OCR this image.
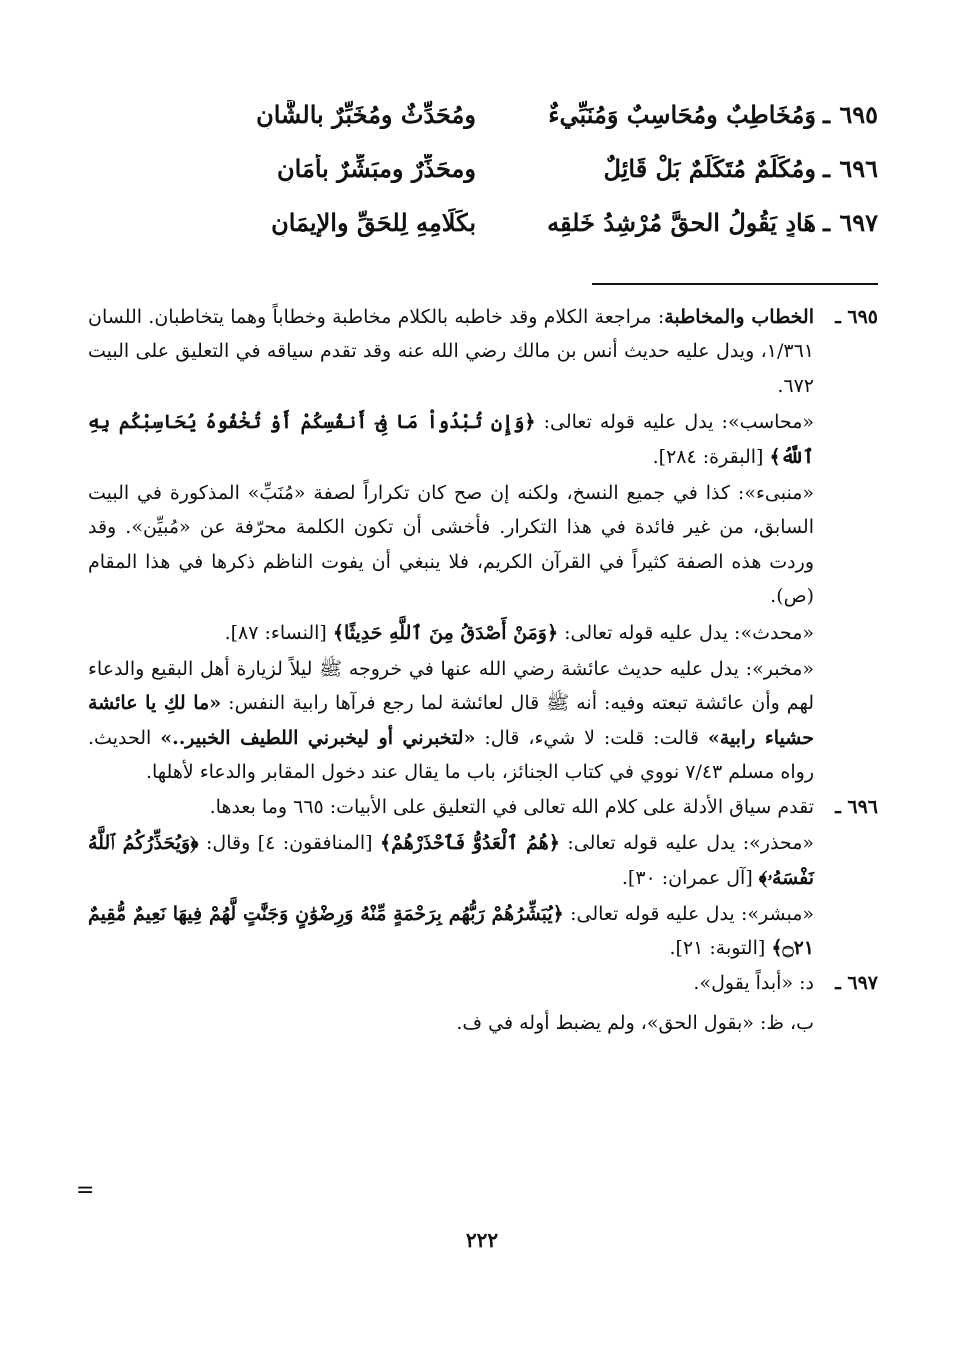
٦٩٥
ـ
وَمُخَاطِبٌ ومُحَاسِبٌ وَمُنَبِّيءٌ
ومُحَدِّثٌ ومُخَبِّرٌ بالشَّانِ
٦٩٦
ـ
ومُكَلِّمٌ مُتَكَلِّمٌ بَلْ قَائِلٌ
ومحَذِّرٌ ومبَشِّرٌ بأَمَانِ
٦٩٧
ـ
هَادٍ يَقُولُ الحقَّ مُرْشِدُ خَلقِه
بكَلَامِهِ لِلحَقِّ والإِيمَانِ
٦٩٥ ـ

الخطاب والمخاطبة: مراجعة الكلام وقد خاطبه بالكلام مخاطبة وخطاباً وهما يتخاطبان. اللسان ١/٣٦١، ويدل عليه حديث أنس بن مالك رضي الله عنه وقد تقدم سياقه في التعليق على البيت ٦٧٢.

«محاسب»: يدل عليه قوله تعالى: ﴿وَإِن تُبْدُواْ مَا فِىٓ أَنفُسِكُمْ أَوْ تُخْفُوهُ يُحَاسِبْكُم بِهِ ٱللَّهُ﴾ [البقرة: ٢٨٤].

«منبىء»: كذا في جميع النسخ، ولكنه إن صح كان تكراراً لصفة «مُنَبِّ» المذكورة في البيت السابق، من غير فائدة في هذا التكرار. فأخشى أن تكون الكلمة محرّفة عن «مُبيِّن». وقد وردت هذه الصفة كثيراً في القرآن الكريم، فلا ينبغي أن يفوت الناظم ذكرها في هذا المقام (ص).

«محدث»: يدل عليه قوله تعالى: ﴿وَمَنْ أَصْدَقُ مِنَ ٱللَّهِ حَدِيثًا﴾ [النساء: ٨٧].

«مخبر»: يدل عليه حديث عائشة رضي الله عنها في خروجه ﷺ ليلاً لزيارة أهل البقيع والدعاء لهم وأن عائشة تبعته وفيه: أنه ﷺ قال لعائشة لما رجع فرآها رابية النفس: «ما لكِ يا عائشة حشياء رابية» قالت: قلت: لا شيء، قال: «لتخبرني أو ليخبرني اللطيف الخبير..» الحديث. رواه مسلم ٧/٤٣ نووي في كتاب الجنائز، باب ما يقال عند دخول المقابر والدعاء لأهلها.

٦٩٦ ـ

تقدم سياق الأدلة على كلام الله تعالى في التعليق على الأبيات: ٦٦٥ وما بعدها.

«محذر»: يدل عليه قوله تعالى: ﴿هُمُ ٱلْعَدُوُّ فَٱحْذَرْهُمْ﴾ [المنافقون: ٤] وقال: ﴿وَيُحَذِّرُكُمُ ٱللَّهُ نَفْسَهُۥ﴾ [آل عمران: ٣٠].

«مبشر»: يدل عليه قوله تعالى: ﴿يُبَشِّرُهُمْ رَبُّهُم بِرَحْمَةٍ مِّنْهُ وَرِضْوَٰنٍ وَجَنَّٰتٍ لَّهُمْ فِيهَا نَعِيمٌ مُّقِيمٌ ۝٢١﴾ [التوبة: ٢١].

٦٩٧ ـ

د: «أبداً يقول».

ب، ظ: «بقول الحق»، ولم يضبط أوله في ف.

=
٢٢٢
